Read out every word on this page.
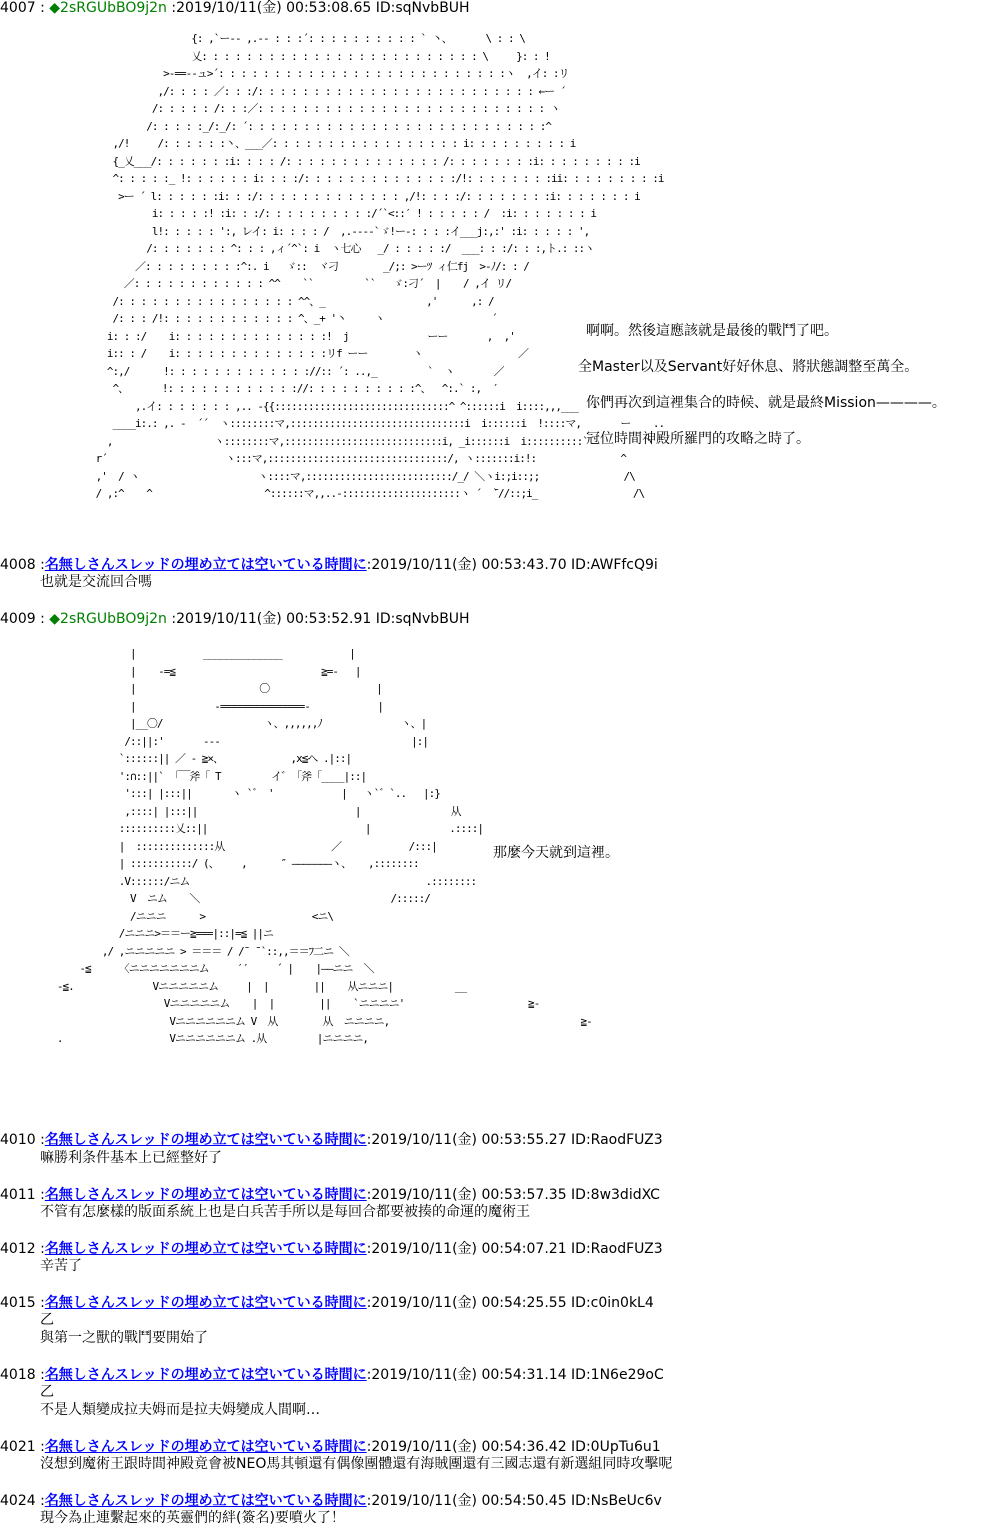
4007 : ◆2sRGUbBO9j2n :2019/10/11(金) 00:53:08.65 ID:sqNvbBUH
{: ,`ー-- ,.-- : : :´: : : : : : : : : : ` 丶、      \ : : \
乂: : : : : : : : : : : : : : : : : : : : : : : : : \     }: : !
>-==--ュ>´: : : : : : : : : : : : : : : : : : : : : : : : : :ヽ  ,イ: :リ
,/: : : : ／: : :/: : : : : : : : : : : : : : : : : : : : : : : : : ←ー ´
/: : : : : /: : :／: : : : : : : : : : : : : : : : : : : : : : : : : : ヽ
/: : : : :_/:_/: ´: : : : : : : : : : : : : : : : : : : : : : : : : : :^
,/!     /: : : : : :丶、___／: : : : : : : : : : : : : : : : : i: : : : : : : : : i
{_乂___/: : : : : : :i: : : : /: : : : : : : : : : : : : : /: : : : : : : :i: : : : : : : : :i
^: : : : :_ !: : : : : : i: : : :/: : : : : : : : : : : : : :/!: : : : : : : :ii: : : : : : : : :i
>ー ´ l: : : : : :i: : :/: : : : : : : : : : : : : ,/!: : : :/: : : : : : : :i: : : : : : : i
i: : : : :! :i: : :/: : : : : : : : : :/´`<::′ ! : : : : : /  :i: : : : : : : i
l!: : : : : ':, レイ: i: : : : /  ,.----`ゞ!ー‐: : : :イ___j:,:' :i: : : : : ',
/: : : : : : : ^: : : ,ィ´^`: i  ヽ七心   _/ : : : : :/  ___: : :/: : :,ト.: ::ヽ
／: : : : : : : : :^:. i   ゞ::  ヾ刁        _/;: >ーﾂ ィ仁fj  >-ﾉ/: : /
／: : : : : : : : : : : : ^^    ``         ``   ゞ:刁´  |    / ,イ リ/
/: : : : : : : : : : : : : : : : ^^、_                  ,'      ,: /
/: : : /!: : : : : : : : : : : : ^、_+ '丶     ヽ                   ´
i: : :/    i: : : : : : : : : : : : : :!  j              ーー       ,  ,'
i:: : /    i: : : : : : : : : : : : : :リf ーー        ヽ                 ／
^:,/      !: : : : : : : : : : : : ://:: ´: ..,_         `  ヽ       ／
^、      !: : : : : : : : : : : ://: : : : : : : : : :^、  ^:.` :,  ′
,.イ: : : : : : : ,.. -{{:::::::::::::::::::::::::::::::^ ^::::::i  i::::,,,___  ヽ
____i:.: ,. -  ´´  ヽ::::::::マ,:::::::::::::::::::::::::::::::i  i::::::i  !::::マ,       ー    ..
,                  ヽ::::::::マ,::::::::::::::::::::::::::::i, _i::::::i  i::::::::::`          ヽ
r´                     ヽ:::マ,::::::::::::::::::::::::::::::::/, ヽ:::::::i:!:               ^
,'  / ヽ                     ヽ::::マ,::::::::::::::::::::::::::/_/ ＼ヽi:;i::;;               /\
/ ,:^    ^                    ^::::::マ,,..-:::::::::::::::::::::ヽ ´  ̄`//::;i_                 /\
啊啊。然後這應該就是最後的戰鬥了吧。
全Master以及Servant好好休息、將狀態調整至萬全。
你們再次到這裡集合的時候、就是最終Mission————。
冠位時間神殿所羅門的攻略之時了。
4008 :名無しさんスレッドの埋め立ては空いている時間に:2019/10/11(金) 00:53:43.70 ID:AWFfcQ9i
也就是交流回合嗎
4009 : ◆2sRGUbBO9j2n :2019/10/11(金) 00:53:52.91 ID:sqNvbBUH
|            ______________            |
|    -=≦                          ≧=-   |
|                      〇                   |
|              -===============-            |
|__〇/                  ヽ、,,,,,,ﾉ              ヽ、|
/::||:'       ---                                  |:|
`::::::|| ／ ‐ ≧×、            ,x≦へ .|::|
':∩::||` 「￣斧「 T         イ゛「斧「____|::|
':::| |:::||       ヽ `゛ '            |   ヽ`゛`..   |:}
,::::| |:::||                            |                从
::::::::::乂::||                            |              .::::|
|  ::::::::::::::从                   ／            /:::|
| :::::::::::/ (、    ,      ″ ———————ヽ、   ,::::::::
.V::::::/ニム                                          .::::::::
V  ニム    ＼                                  /:::::/
/ニニニ      >                   <ニ\
/ニニニ>＝＝ー≧===|::|=≦ ||ニ
,/ ,ニニニニニ > ＝＝＝ / /¯ ¯`::,,＝＝ﾌ二ニ ＼
-≦     〈ニニニニニニニム     ′′     ´ |    |——ニニ  ＼
-≦.              Vニニニニニム     |  |        ||    从ニニニ|           __
Vニニニニニム    |  |        ||    `ニニニニ'                      ≧-
Vニニニニニニム V  从        从  ニニニニ,                                  ≧-
.                   Vニニニニニニム .从         |ニニニニ,
那麼今天就到這裡。
4010 :名無しさんスレッドの埋め立ては空いている時間に:2019/10/11(金) 00:53:55.27 ID:RaodFUZ3
嘛勝利条件基本上已經整好了
4011 :名無しさんスレッドの埋め立ては空いている時間に:2019/10/11(金) 00:53:57.35 ID:8w3didXC
不管有怎麼樣的版面系統上也是白兵苦手所以是每回合都要被揍的命運的魔術王
4012 :名無しさんスレッドの埋め立ては空いている時間に:2019/10/11(金) 00:54:07.21 ID:RaodFUZ3
辛苦了
4015 :名無しさんスレッドの埋め立ては空いている時間に:2019/10/11(金) 00:54:25.55 ID:c0in0kL4
乙
與第一之獸的戰鬥要開始了
4018 :名無しさんスレッドの埋め立ては空いている時間に:2019/10/11(金) 00:54:31.14 ID:1N6e29oC
乙
不是人類變成拉夫姆而是拉夫姆變成人間啊…
4021 :名無しさんスレッドの埋め立ては空いている時間に:2019/10/11(金) 00:54:36.42 ID:0UpTu6u1
沒想到魔術王跟時間神殿竟會被NEO馬其頓還有偶像團體還有海賊團還有三國志還有新選組同時攻擊呢
4024 :名無しさんスレッドの埋め立ては空いている時間に:2019/10/11(金) 00:54:50.45 ID:NsBeUc6v
現今為止連繫起來的英靈們的絆(簽名)要噴火了！
